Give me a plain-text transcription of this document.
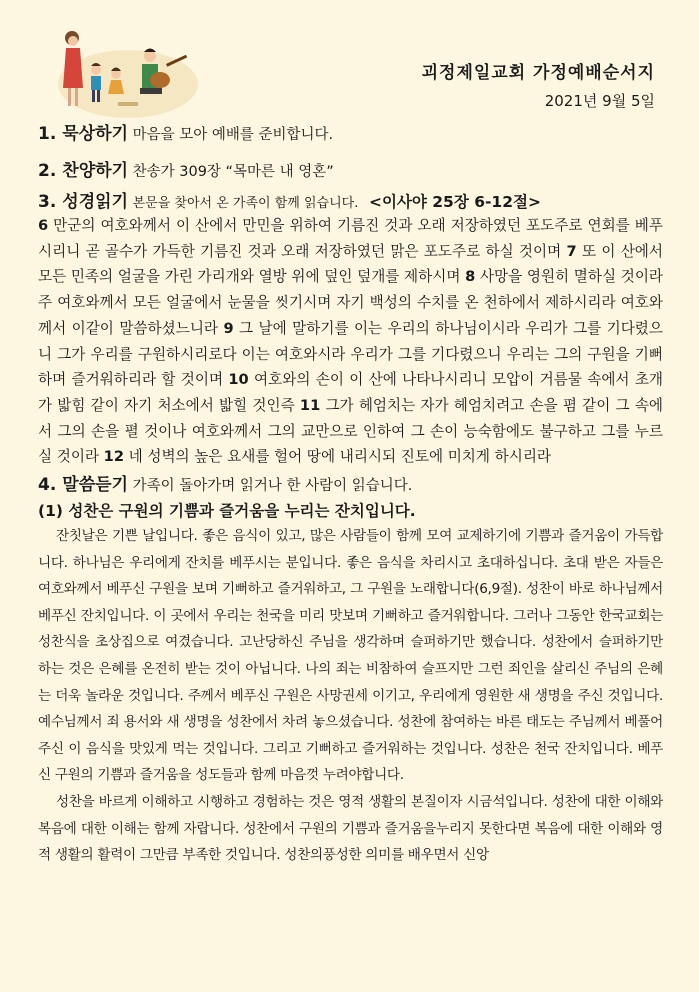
괴정제일교회 가정예배순서지
2021년 9월 5일

1. 묵상하기 마음을 모아 예배를 준비합니다.

2. 찬양하기 찬송가 309장 “목마른 내 영혼”

3. 성경읽기 본문을 찾아서 온 가족이 함께 읽습니다. <이사야 25장 6-12절>

6 만군의 여호와께서 이 산에서 만민을 위하여 기름진 것과 오래 저장하였던 포도주로 연회를 베푸시리니 곧 골수가 가득한 기름진 것과 오래 저장하였던 맑은 포도주로 하실 것이며 7 또 이 산에서 모든 민족의 얼굴을 가린 가리개와 열방 위에 덮인 덮개를 제하시며 8 사망을 영원히 멸하실 것이라 주 여호와께서 모든 얼굴에서 눈물을 씻기시며 자기 백성의 수치를 온 천하에서 제하시리라 여호와께서 이같이 말씀하셨느니라 9 그 날에 말하기를 이는 우리의 하나님이시라 우리가 그를 기다렸으니 그가 우리를 구원하시리로다 이는 여호와시라 우리가 그를 기다렸으니 우리는 그의 구원을 기뻐하며 즐거워하리라 할 것이며 10 여호와의 손이 이 산에 나타나시리니 모압이 거름물 속에서 초개가 밟힘 같이 자기 처소에서 밟힐 것인즉 11 그가 헤엄치는 자가 헤엄치려고 손을 폄 같이 그 속에서 그의 손을 펼 것이나 여호와께서 그의 교만으로 인하여 그 손이 능숙함에도 불구하고 그를 누르실 것이라 12 네 성벽의 높은 요새를 헐어 땅에 내리시되 진토에 미치게 하시리라

4. 말씀듣기 가족이 돌아가며 읽거나 한 사람이 읽습니다.

(1) 성찬은 구원의 기쁨과 즐거움을 누리는 잔치입니다.

잔칫날은 기쁜 날입니다. 좋은 음식이 있고, 많은 사람들이 함께 모여 교제하기에 기쁨과 즐거움이 가득합니다. 하나님은 우리에게 잔치를 베푸시는 분입니다. 좋은 음식을 차리시고 초대하십니다. 초대 받은 자들은 여호와께서 베푸신 구원을 보며 기뻐하고 즐거워하고, 그 구원을 노래합니다(6,9절). 성찬이 바로 하나님께서 베푸신 잔치입니다. 이 곳에서 우리는 천국을 미리 맛보며 기뻐하고 즐거워합니다. 그러나 그동안 한국교회는 성찬식을 초상집으로 여겼습니다. 고난당하신 주님을 생각하며 슬퍼하기만 했습니다. 성찬에서 슬퍼하기만 하는 것은 은혜를 온전히 받는 것이 아닙니다. 나의 죄는 비참하여 슬프지만 그런 죄인을 살리신 주님의 은혜는 더욱 놀라운 것입니다. 주께서 베푸신 구원은 사망권세 이기고, 우리에게 영원한 새 생명을 주신 것입니다. 예수님께서 죄 용서와 새 생명을 성찬에서 차려 놓으셨습니다. 성찬에 참여하는 바른 태도는 주님께서 베풀어 주신 이 음식을 맛있게 먹는 것입니다. 그리고 기뻐하고 즐거워하는 것입니다. 성찬은 천국 잔치입니다. 베푸신 구원의 기쁨과 즐거움을 성도들과 함께 마음껏 누려야합니다.

성찬을 바르게 이해하고 시행하고 경험하는 것은 영적 생활의 본질이자 시금석입니다. 성찬에 대한 이해와 복음에 대한 이해는 함께 자랍니다. 성찬에서 구원의 기쁨과 즐거움을누리지 못한다면 복음에 대한 이해와 영적 생활의 활력이 그만큼 부족한 것입니다. 성찬의풍성한 의미를 배우면서 신앙
